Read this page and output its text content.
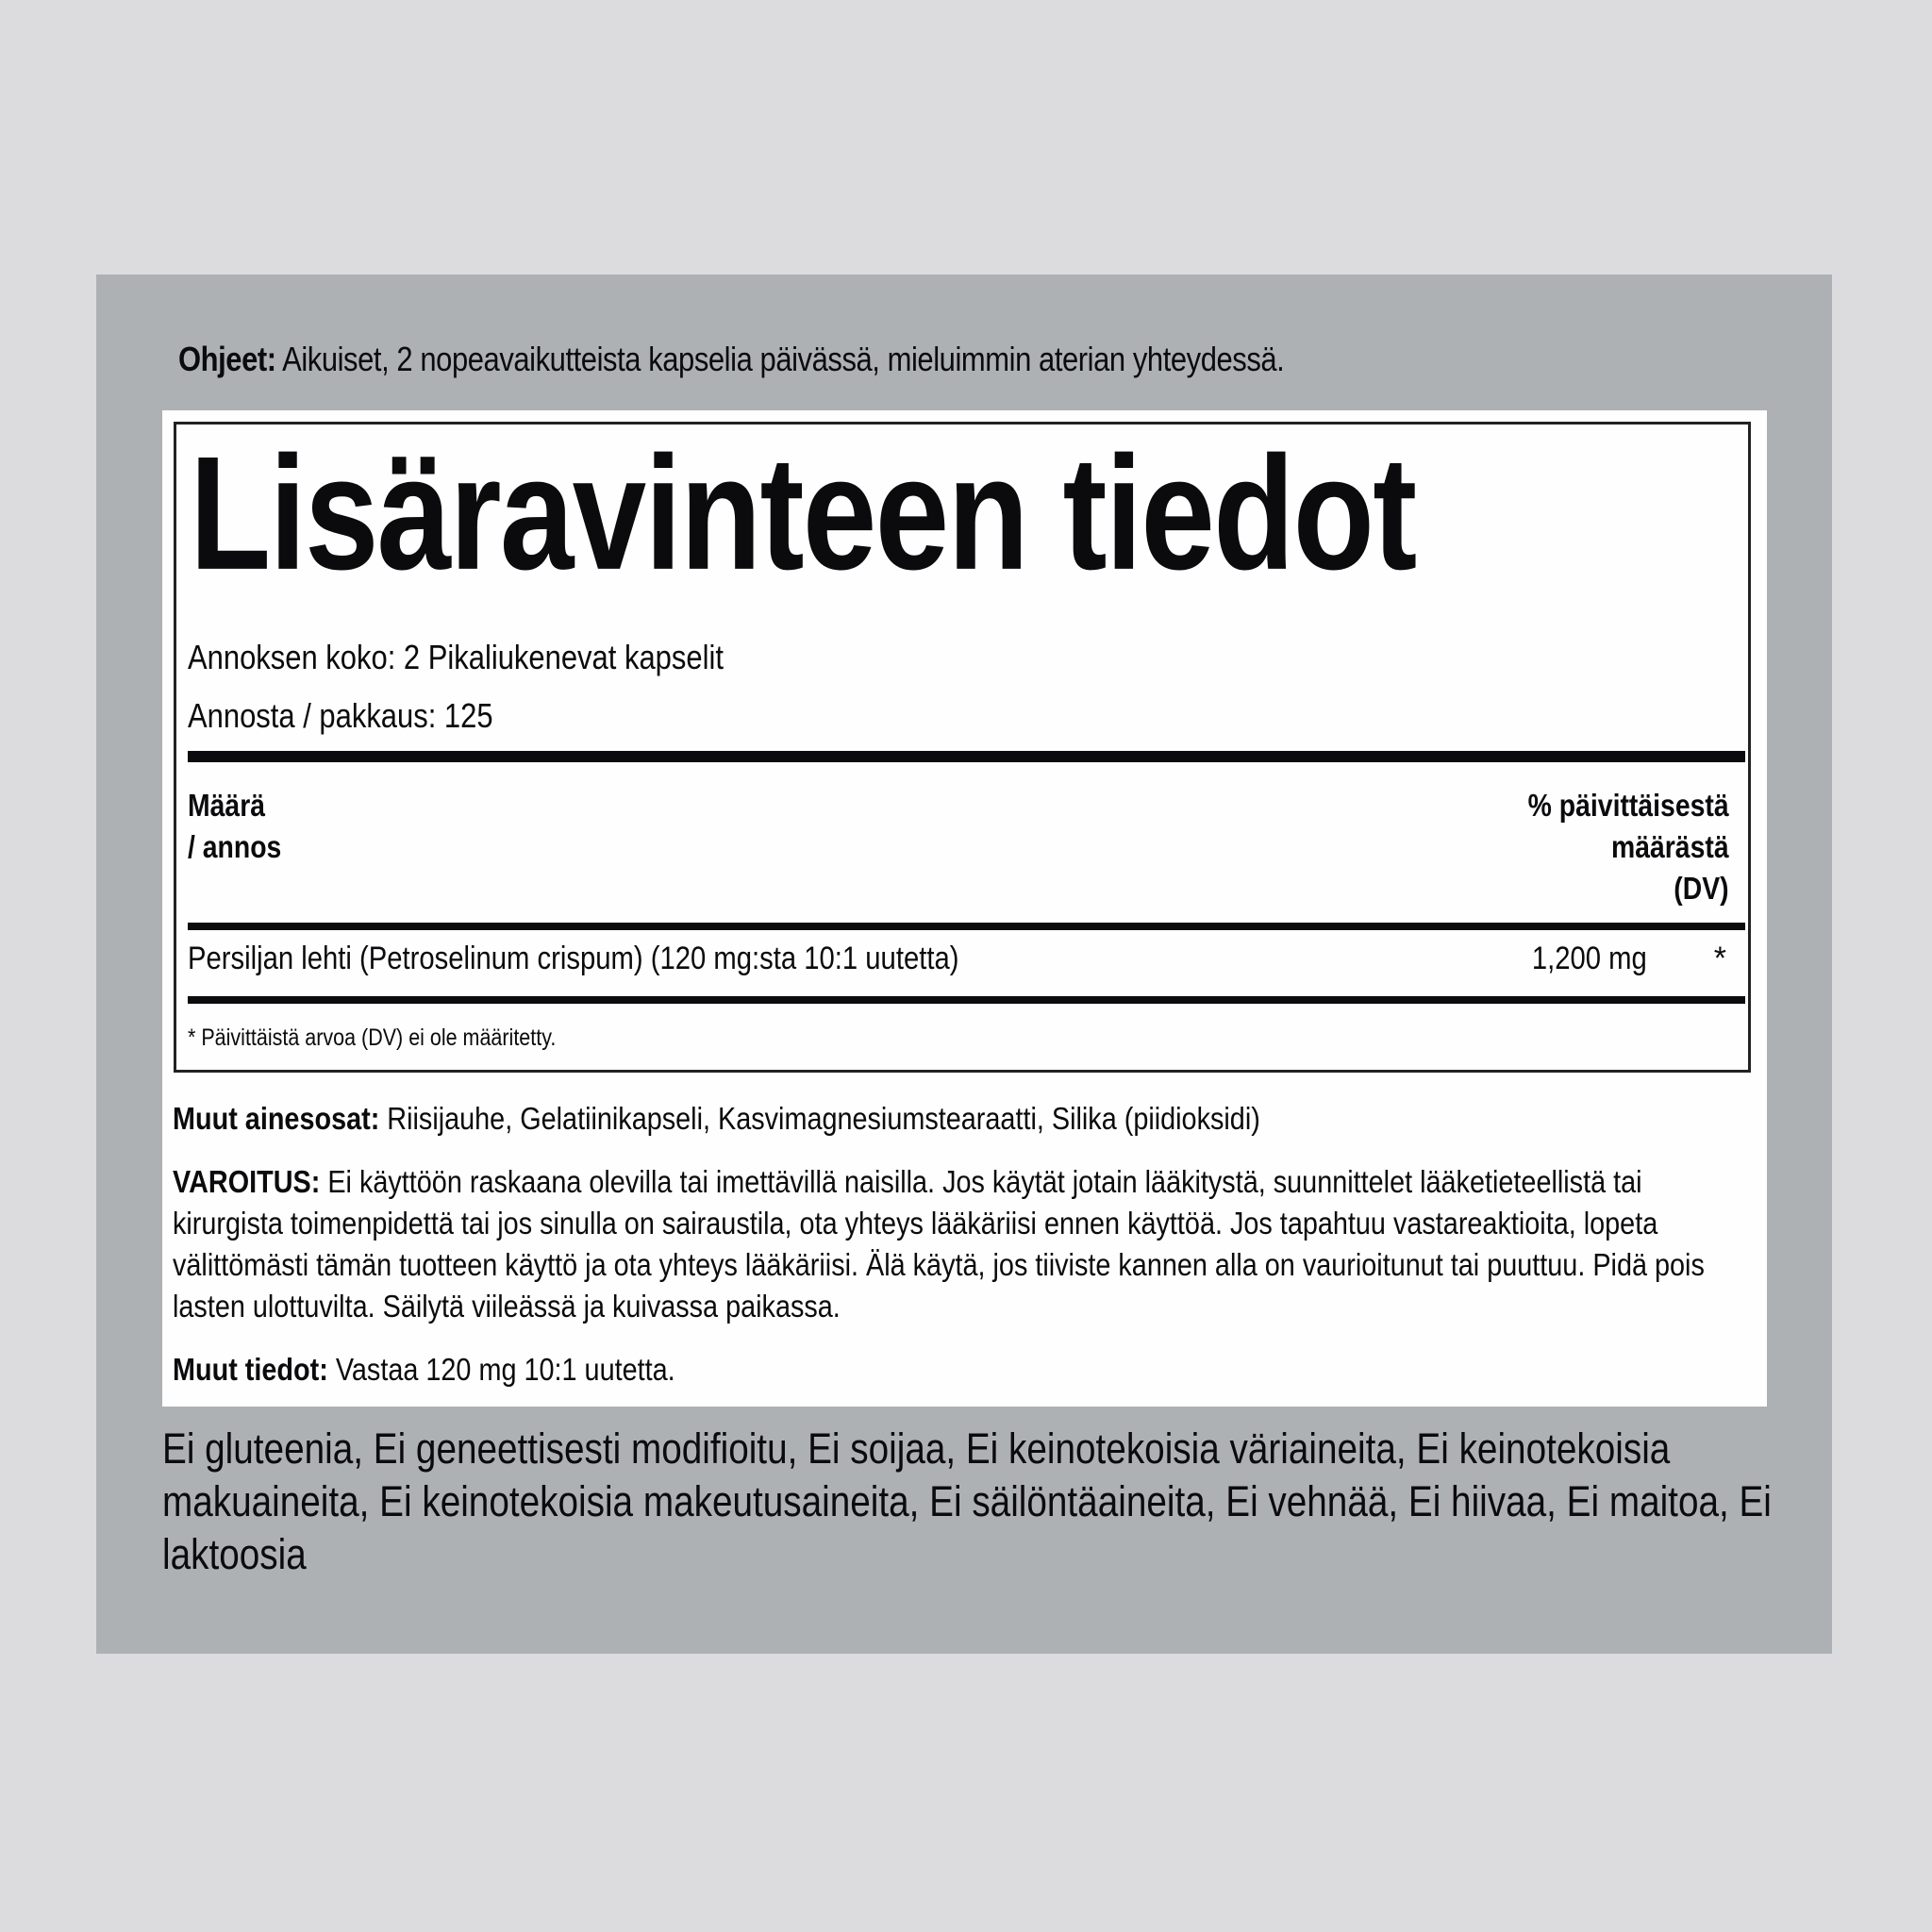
Ohjeet: Aikuiset, 2 nopeavaikutteista kapselia päivässä, mieluimmin aterian yhteydessä.
Lisäravinteen tiedot
Annoksen koko: 2 Pikaliukenevat kapselit
Annosta / pakkaus: 125
Määrä
/ annos
% päivittäisestä
määrästä
(DV)
Persiljan lehti (Petroselinum crispum) (120 mg:sta 10:1 uutetta)	1,200 mg *
* Päivittäistä arvoa (DV) ei ole määritetty.
Muut ainesosat: Riisijauhe, Gelatiinikapseli, Kasvimagnesiumstearaatti, Silika (piidioksidi)
VAROITUS: Ei käyttöön raskaana olevilla tai imettävillä naisilla. Jos käytät jotain lääkitystä, suunnittelet lääketieteellistä tai kirurgista toimenpidettä tai jos sinulla on sairaustila, ota yhteys lääkäriisi ennen käyttöä. Jos tapahtuu vastareaktioita, lopeta välittömästi tämän tuotteen käyttö ja ota yhteys lääkäriisi. Älä käytä, jos tiiviste kannen alla on vaurioitunut tai puuttuu. Pidä pois lasten ulottuvilta. Säilytä viileässä ja kuivassa paikassa.
Muut tiedot: Vastaa 120 mg 10:1 uutetta.
Ei gluteenia, Ei geneettisesti modifioitu, Ei soijaa, Ei keinotekoisia väriaineita, Ei keinotekoisia makuaineita, Ei keinotekoisia makeutusaineita, Ei säilöntäaineita, Ei vehnää, Ei hiivaa, Ei maitoa, Ei laktoosia
